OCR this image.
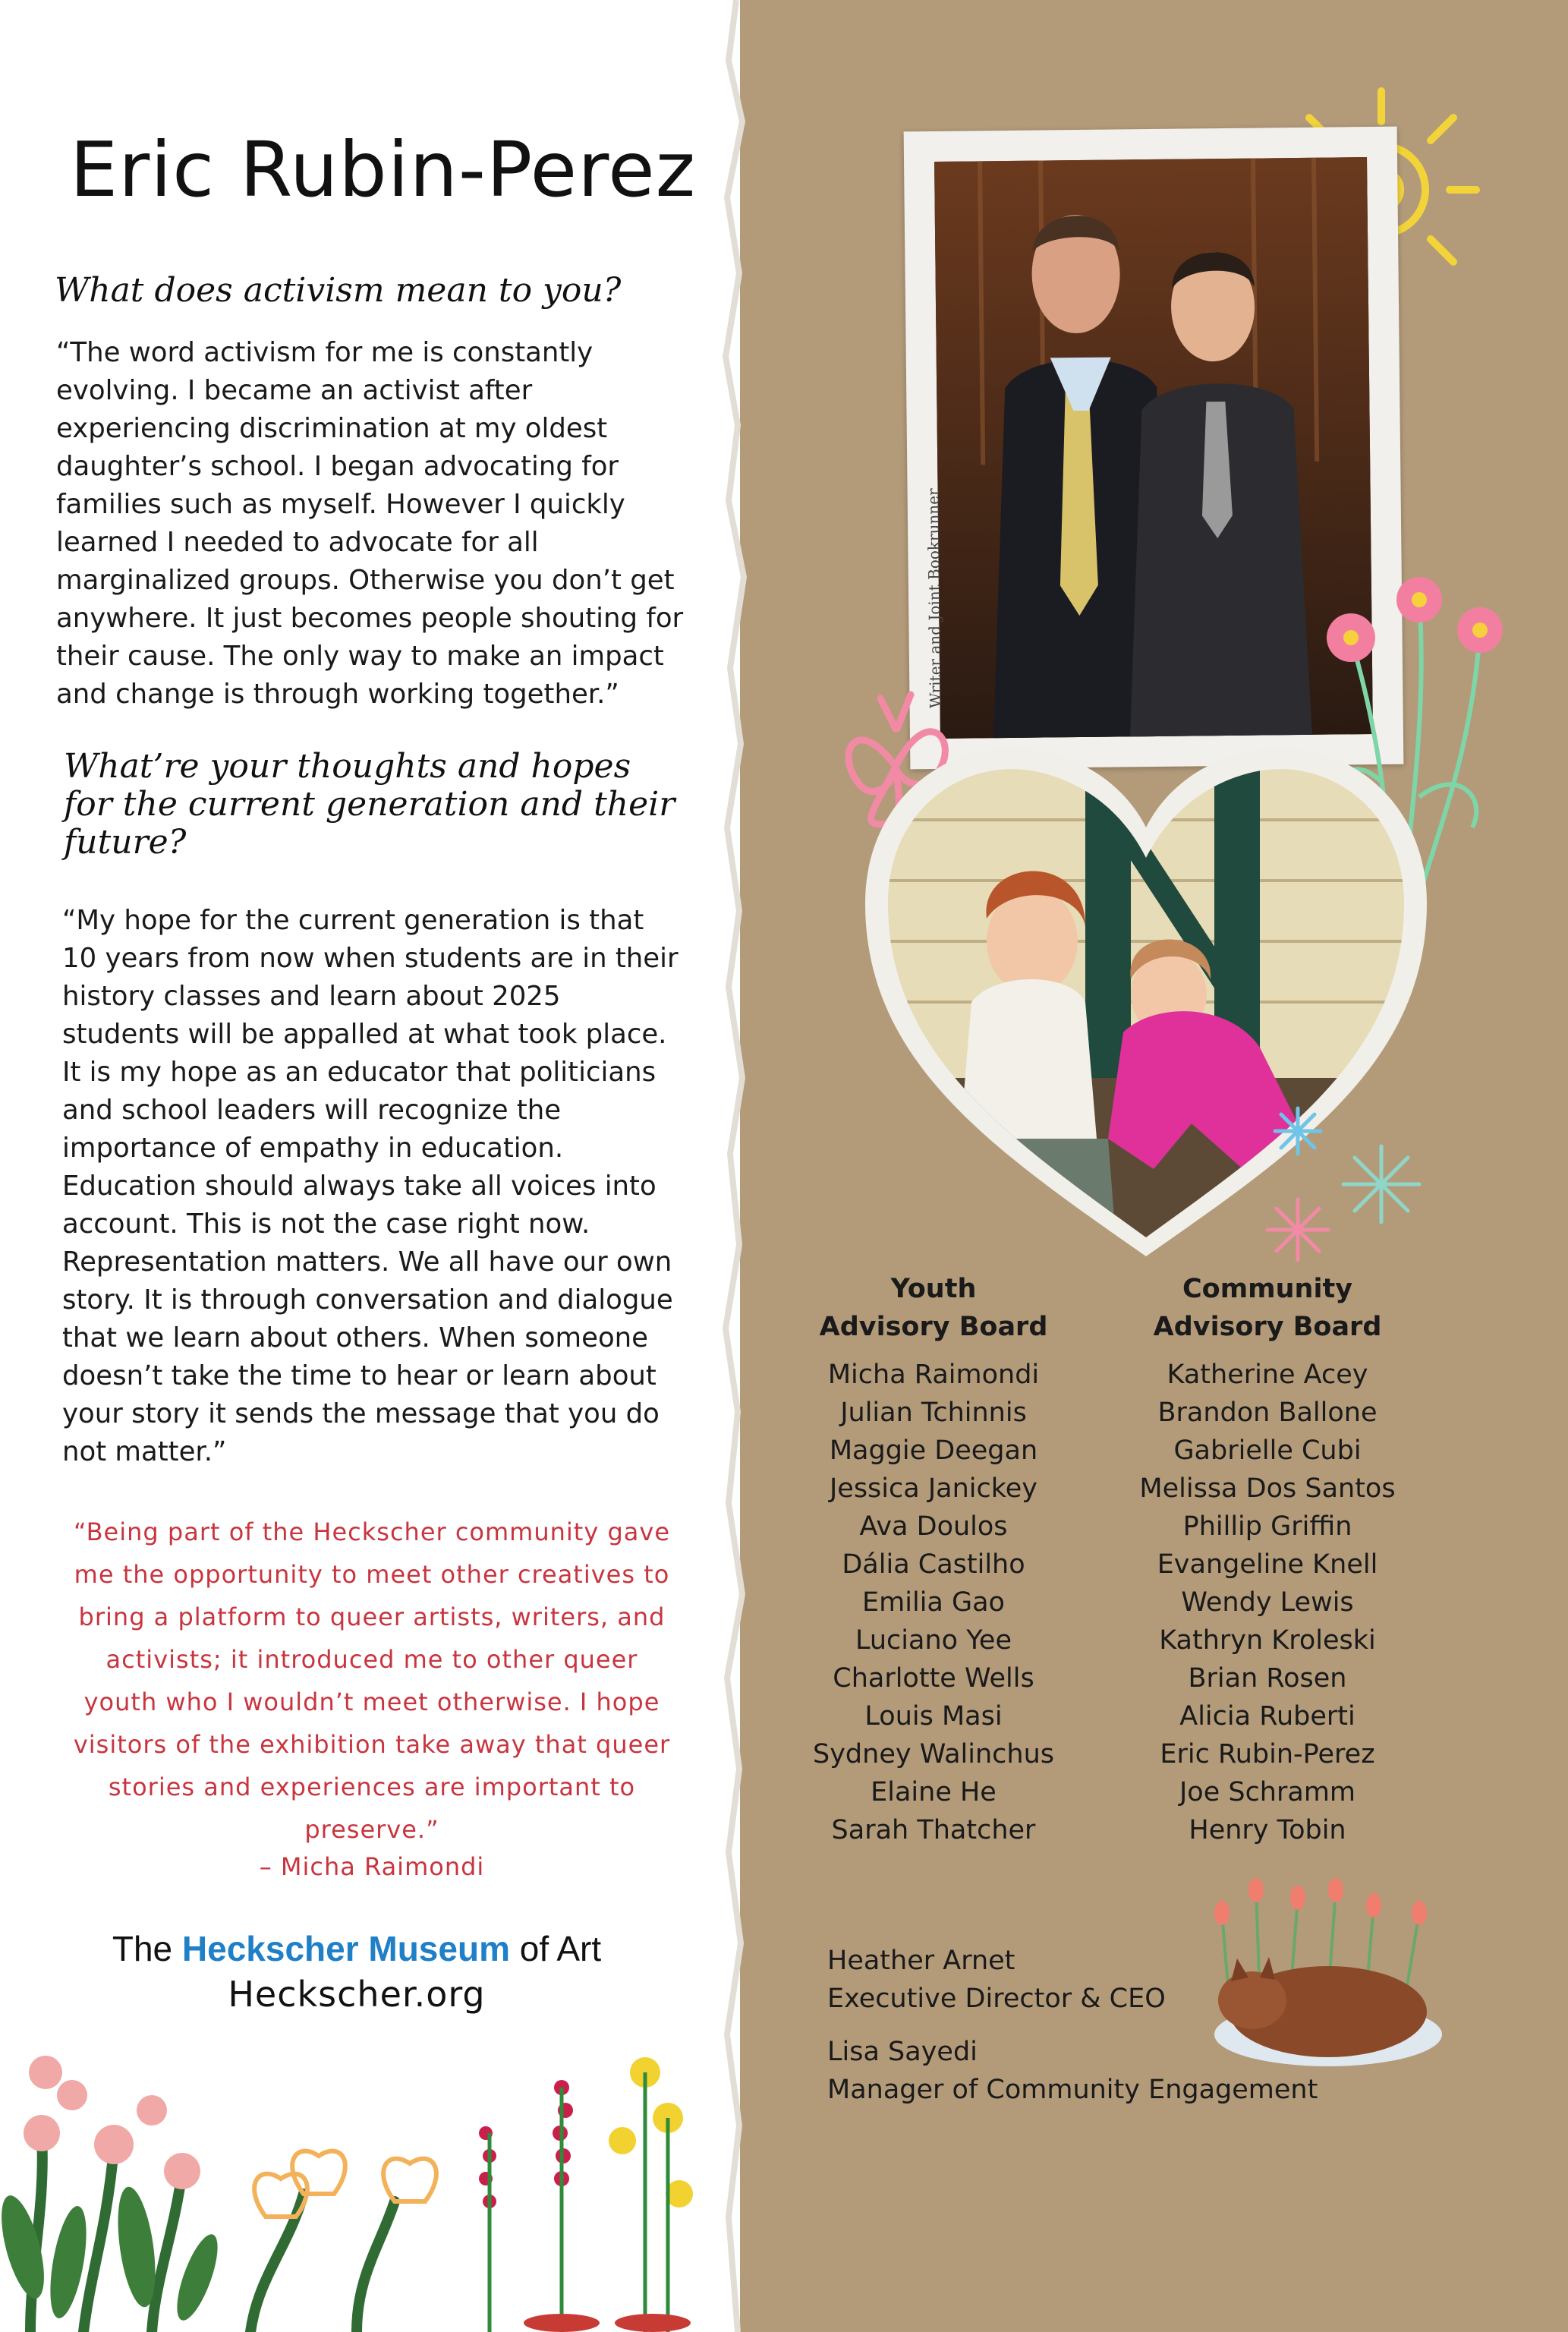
Eric Rubin-Perez
What does activism mean to you?
“The word activism for me is constantly evolving. I became an activist after experiencing discrimination at my oldest daughter’s school. I began advocating for families such as myself. However I quickly learned I needed to advocate for all marginalized groups. Otherwise you don’t get anywhere. It just becomes people shouting for their cause. The only way to make an impact and change is through working together.”
What’re your thoughts and hopes for the current generation and their future?
“My hope for the current generation is that 10 years from now when students are in their history classes and learn about 2025 students will be appalled at what took place. It is my hope as an educator that politicians and school leaders will recognize the importance of empathy in education. Education should always take all voices into account. This is not the case right now. Representation matters. We all have our own story. It is through conversation and dialogue that we learn about others. When someone doesn’t take the time to hear or learn about your story it sends the message that you do not matter.”
“Being part of the Heckscher community gave me the opportunity to meet other creatives to bring a platform to queer artists, writers, and activists; it introduced me to other queer youth who I wouldn’t meet otherwise. I hope visitors of the exhibition take away that queer stories and experiences are important to preserve.”
– Micha Raimondi
The Heckscher Museum of Art
Heckscher.org
Writer and Joint Bookrunner
Youth
Advisory Board
Community
Advisory Board
Micha Raimondi
Julian Tchinnis
Maggie Deegan
Jessica Janickey
Ava Doulos
Dália Castilho
Emilia Gao
Luciano Yee
Charlotte Wells
Louis Masi
Sydney Walinchus
Elaine He
Sarah Thatcher
Katherine Acey
Brandon Ballone
Gabrielle Cubi
Melissa Dos Santos
Phillip Griffin
Evangeline Knell
Wendy Lewis
Kathryn Kroleski
Brian Rosen
Alicia Ruberti
Eric Rubin-Perez
Joe Schramm
Henry Tobin
Heather Arnet
Executive Director & CEO
Lisa Sayedi
Manager of Community Engagement
